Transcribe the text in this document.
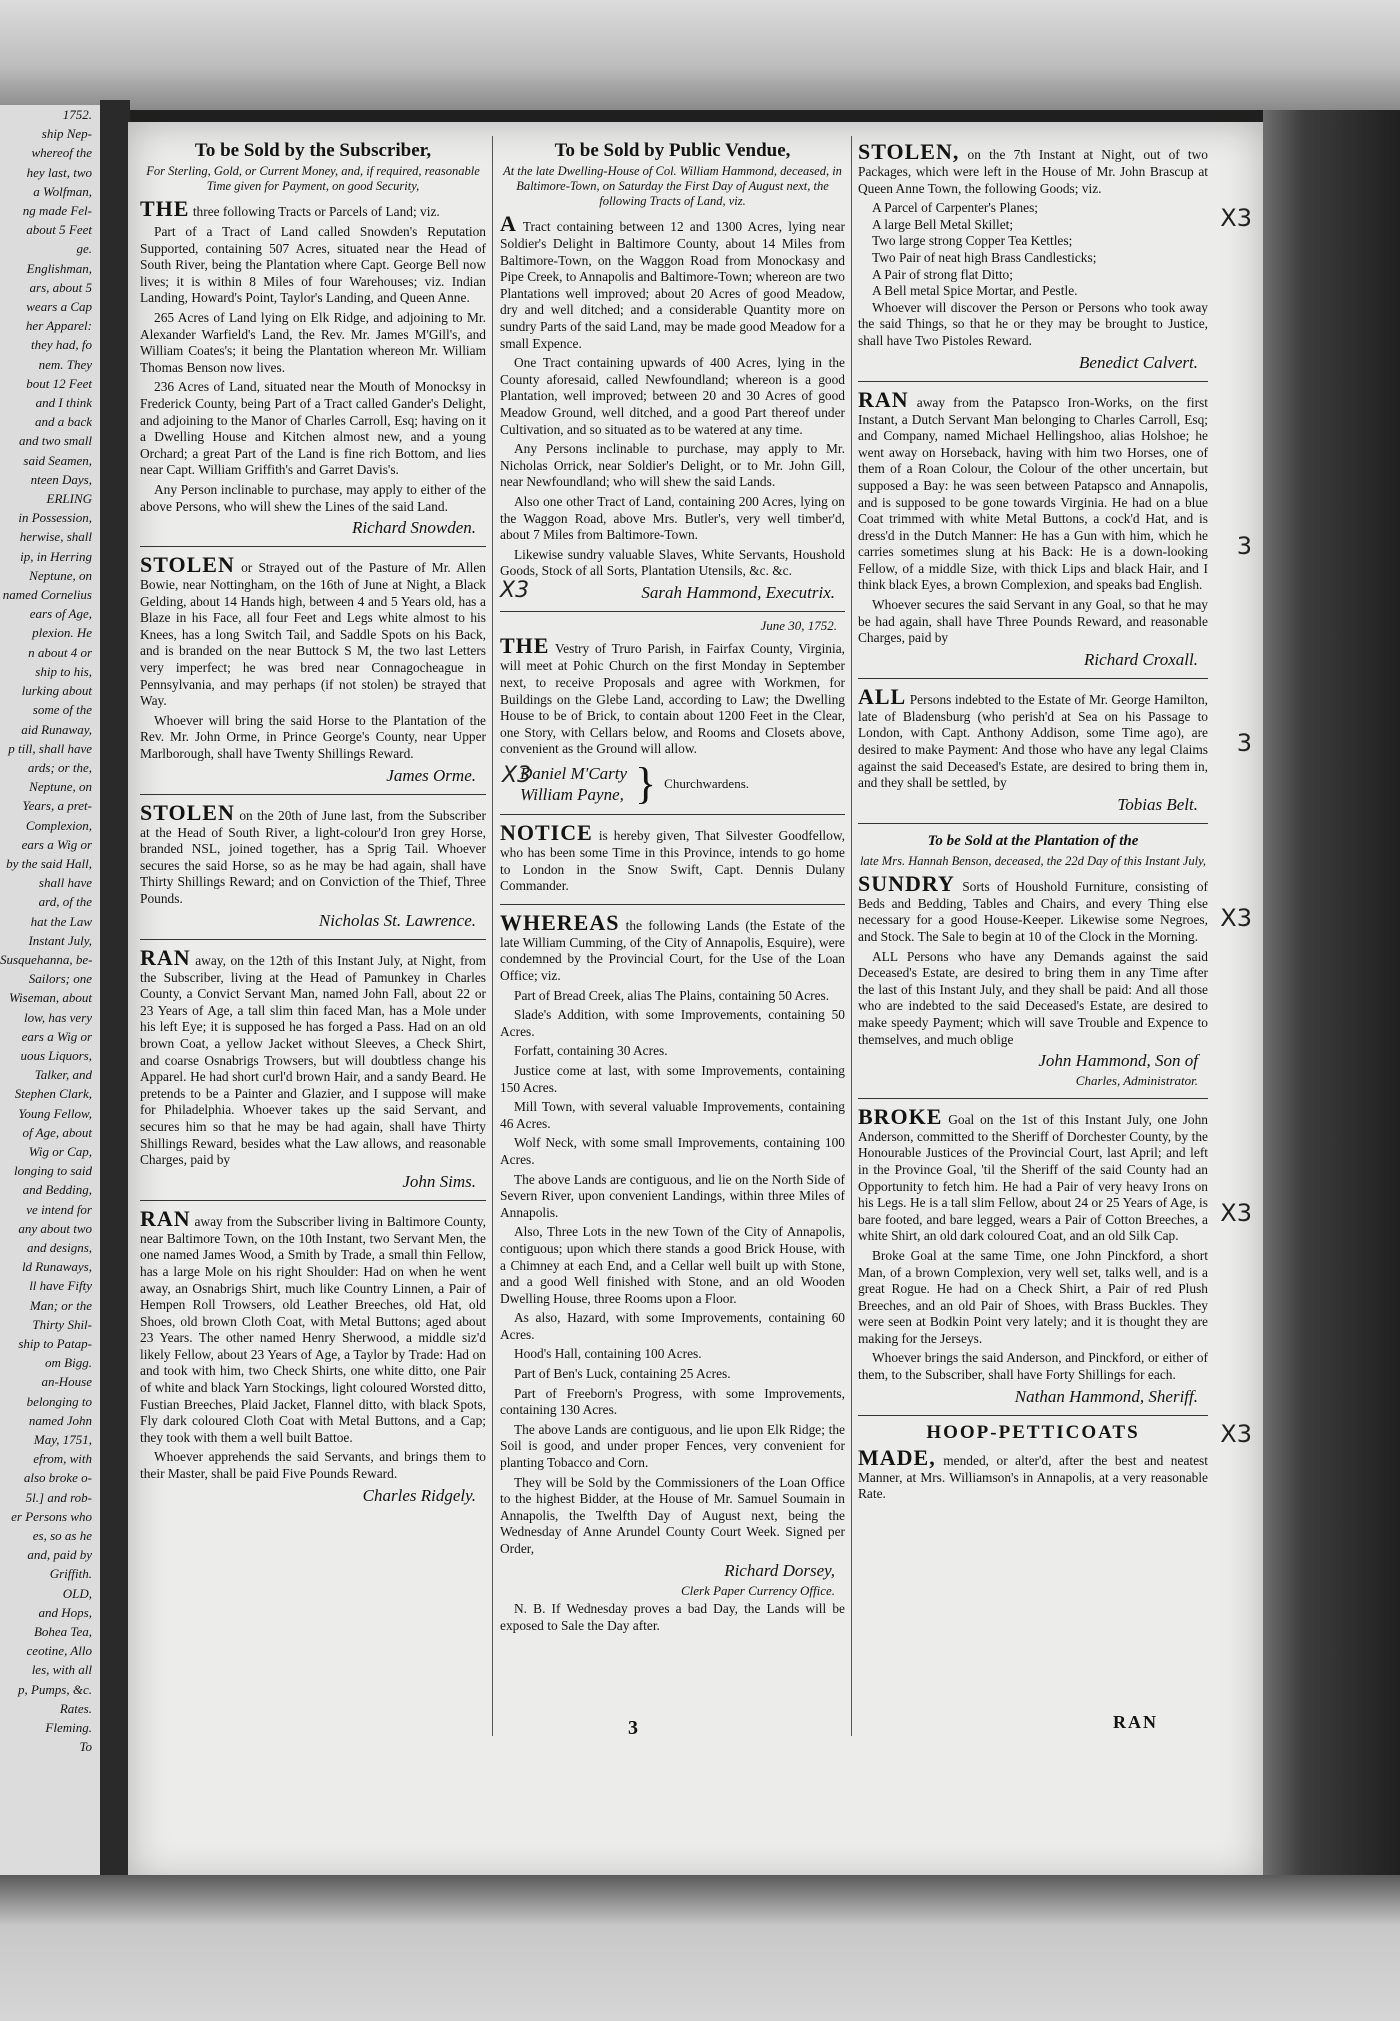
1752.
ship Nep-
whereof the
hey last, two
a Wolfman,
ng made Fel-
about 5 Feet
ge.
Englishman,
ars, about 5
wears a Cap
her Apparel:
they had, fo
nem. They
bout 12 Feet
and I think
and a back
and two small
said Seamen,
nteen Days,
ERLING
in Possession,
herwise, shall
ip, in Herring
Neptune, on
named Cornelius
ears of Age,
plexion. He
n about 4 or
ship to his,
lurking about
some of the
aid Runaway,
p till, shall have
ards; or the,
Neptune, on
Years, a pret-
Complexion,
ears a Wig or
by the said Hall,
shall have
ard, of the
hat the Law
Instant July,
Susquehanna, be-
Sailors; one
Wiseman, about
low, has very
ears a Wig or
uous Liquors,
Talker, and
Stephen Clark,
Young Fellow,
of Age, about
Wig or Cap,
longing to said
and Bedding,
ve intend for
any about two
and designs,
ld Runaways,
ll have Fifty
Man; or the
Thirty Shil-
ship to Patap-
om Bigg.
an-House
belonging to
named John
May, 1751,
efrom, with
also broke o-
5l.] and rob-
er Persons who
es, so as he
and, paid by
Griffith.
OLD,
and Hops,
Bohea Tea,
ceotine, Allo
les, with all
p, Pumps, &c.
Rates.
Fleming.
To
To be Sold by the Subscriber,
For Sterling, Gold, or Current Money, and, if required, reasonable Time given for Payment, on good Security,

THE three following Tracts or Parcels of Land; viz.

Part of a Tract of Land called Snowden's Reputation Supported, containing 507 Acres, situated near the Head of South River, being the Plantation where Capt. George Bell now lives; it is within 8 Miles of four Warehouses; viz. Indian Landing, Howard's Point, Taylor's Landing, and Queen Anne.

265 Acres of Land lying on Elk Ridge, and adjoining to Mr. Alexander Warfield's Land, the Rev. Mr. James M'Gill's, and William Coates's; it being the Plantation whereon Mr. William Thomas Benson now lives.

236 Acres of Land, situated near the Mouth of Monocksy in Frederick County, being Part of a Tract called Gander's Delight, and adjoining to the Manor of Charles Carroll, Esq; having on it a Dwelling House and Kitchen almost new, and a young Orchard; a great Part of the Land is fine rich Bottom, and lies near Capt. William Griffith's and Garret Davis's.

Any Person inclinable to purchase, may apply to either of the above Persons, who will shew the Lines of the said Land.

Richard Snowden.

STOLEN or Strayed out of the Pasture of Mr. Allen Bowie, near Nottingham, on the 16th of June at Night, a Black Gelding, about 14 Hands high, between 4 and 5 Years old, has a Blaze in his Face, all four Feet and Legs white almost to his Knees, has a long Switch Tail, and Saddle Spots on his Back, and is branded on the near Buttock S M, the two last Letters very imperfect; he was bred near Connagocheague in Pennsylvania, and may perhaps (if not stolen) be strayed that Way.

Whoever will bring the said Horse to the Plantation of the Rev. Mr. John Orme, in Prince George's County, near Upper Marlborough, shall have Twenty Shillings Reward.

James Orme.

STOLEN on the 20th of June last, from the Subscriber at the Head of South River, a light-colour'd Iron grey Horse, branded NSL, joined together, has a Sprig Tail. Whoever secures the said Horse, so as he may be had again, shall have Thirty Shillings Reward; and on Conviction of the Thief, Three Pounds.

Nicholas St. Lawrence.

RAN away, on the 12th of this Instant July, at Night, from the Subscriber, living at the Head of Pamunkey in Charles County, a Convict Servant Man, named John Fall, about 22 or 23 Years of Age, a tall slim thin faced Man, has a Mole under his left Eye; it is supposed he has forged a Pass. Had on an old brown Coat, a yellow Jacket without Sleeves, a Check Shirt, and coarse Osnabrigs Trowsers, but will doubtless change his Apparel. He had short curl'd brown Hair, and a sandy Beard. He pretends to be a Painter and Glazier, and I suppose will make for Philadelphia. Whoever takes up the said Servant, and secures him so that he may be had again, shall have Thirty Shillings Reward, besides what the Law allows, and reasonable Charges, paid by

John Sims.

RAN away from the Subscriber living in Baltimore County, near Baltimore Town, on the 10th Instant, two Servant Men, the one named James Wood, a Smith by Trade, a small thin Fellow, has a large Mole on his right Shoulder: Had on when he went away, an Osnabrigs Shirt, much like Country Linnen, a Pair of Hempen Roll Trowsers, old Leather Breeches, old Hat, old Shoes, old brown Cloth Coat, with Metal Buttons; aged about 23 Years. The other named Henry Sherwood, a middle siz'd likely Fellow, about 23 Years of Age, a Taylor by Trade: Had on and took with him, two Check Shirts, one white ditto, one Pair of white and black Yarn Stockings, light coloured Worsted ditto, Fustian Breeches, Plaid Jacket, Flannel ditto, with black Spots, Fly dark coloured Cloth Coat with Metal Buttons, and a Cap; they took with them a well built Battoe.

Whoever apprehends the said Servants, and brings them to their Master, shall be paid Five Pounds Reward.

Charles Ridgely.
To be Sold by Public Vendue,
At the late Dwelling-House of Col. William Hammond, deceased, in Baltimore-Town, on Saturday the First Day of August next, the following Tracts of Land, viz.

A Tract containing between 12 and 1300 Acres, lying near Soldier's Delight in Baltimore County, about 14 Miles from Baltimore-Town, on the Waggon Road from Monockasy and Pipe Creek, to Annapolis and Baltimore-Town; whereon are two Plantations well improved; about 20 Acres of good Meadow, dry and well ditched; and a considerable Quantity more on sundry Parts of the said Land, may be made good Meadow for a small Expence.

One Tract containing upwards of 400 Acres, lying in the County aforesaid, called Newfoundland; whereon is a good Plantation, well improved; between 20 and 30 Acres of good Meadow Ground, well ditched, and a good Part thereof under Cultivation, and so situated as to be watered at any time.

Any Persons inclinable to purchase, may apply to Mr. Nicholas Orrick, near Soldier's Delight, or to Mr. John Gill, near Newfoundland; who will shew the said Lands.

Also one other Tract of Land, containing 200 Acres, lying on the Waggon Road, above Mrs. Butler's, very well timber'd, about 7 Miles from Baltimore-Town.

Likewise sundry valuable Slaves, White Servants, Houshold Goods, Stock of all Sorts, Plantation Utensils, &c. &c.

X3	Sarah Hammond, Executrix.
June 30, 1752.

THE Vestry of Truro Parish, in Fairfax County, Virginia, will meet at Pohic Church on the first Monday in September next, to receive Proposals and agree with Workmen, for Buildings on the Glebe Land, according to Law; the Dwelling House to be of Brick, to contain about 1200 Feet in the Clear, one Story, with Cellars below, and Rooms and Closets above, convenient as the Ground will allow.

X3
Daniel M'Carty
William Payne, } Churchwardens.

NOTICE is hereby given, That Silvester Goodfellow, who has been some Time in this Province, intends to go home to London in the Snow Swift, Capt. Dennis Dulany Commander.

WHEREAS the following Lands (the Estate of the late William Cumming, of the City of Annapolis, Esquire), were condemned by the Provincial Court, for the Use of the Loan Office; viz.

Part of Bread Creek, alias The Plains, containing 50 Acres.

Slade's Addition, with some Improvements, containing 50 Acres.

Forfatt, containing 30 Acres.

Justice come at last, with some Improvements, containing 150 Acres.

Mill Town, with several valuable Improvements, containing 46 Acres.

Wolf Neck, with some small Improvements, containing 100 Acres.

The above Lands are contiguous, and lie on the North Side of Severn River, upon convenient Landings, within three Miles of Annapolis.

Also, Three Lots in the new Town of the City of Annapolis, contiguous; upon which there stands a good Brick House, with a Chimney at each End, and a Cellar well built up with Stone, and a good Well finished with Stone, and an old Wooden Dwelling House, three Rooms upon a Floor.

As also, Hazard, with some Improvements, containing 60 Acres.

Hood's Hall, containing 100 Acres.

Part of Ben's Luck, containing 25 Acres.

Part of Freeborn's Progress, with some Improvements, containing 130 Acres.

The above Lands are contiguous, and lie upon Elk Ridge; the Soil is good, and under proper Fences, very convenient for planting Tobacco and Corn.

They will be Sold by the Commissioners of the Loan Office to the highest Bidder, at the House of Mr. Samuel Soumain in Annapolis, the Twelfth Day of August next, being the Wednesday of Anne Arundel County Court Week. Signed per Order,

Richard Dorsey,
Clerk Paper Currency Office.

N. B. If Wednesday proves a bad Day, the Lands will be exposed to Sale the Day after.

X3

STOLEN, on the 7th Instant at Night, out of two Packages, which were left in the House of Mr. John Brascup at Queen Anne Town, the following Goods; viz.

A Parcel of Carpenter's Planes;
A large Bell Metal Skillet;
Two large strong Copper Tea Kettles;
Two Pair of neat high Brass Candlesticks;
A Pair of strong flat Ditto;
A Bell metal Spice Mortar, and Pestle.

Whoever will discover the Person or Persons who took away the said Things, so that he or they may be brought to Justice, shall have Two Pistoles Reward.

Benedict Calvert.
3

RAN away from the Patapsco Iron-Works, on the first Instant, a Dutch Servant Man belonging to Charles Carroll, Esq; and Company, named Michael Hellingshoo, alias Holshoe; he went away on Horseback, having with him two Horses, one of them of a Roan Colour, the Colour of the other uncertain, but supposed a Bay: he was seen between Patapsco and Annapolis, and is supposed to be gone towards Virginia. He had on a blue Coat trimmed with white Metal Buttons, a cock'd Hat, and is dress'd in the Dutch Manner: He has a Gun with him, which he carries sometimes slung at his Back: He is a down-looking Fellow, of a middle Size, with thick Lips and black Hair, and I think black Eyes, a brown Complexion, and speaks bad English.

Whoever secures the said Servant in any Goal, so that he may be had again, shall have Three Pounds Reward, and reasonable Charges, paid by

Richard Croxall.
3

ALL Persons indebted to the Estate of Mr. George Hamilton, late of Bladensburg (who perish'd at Sea on his Passage to London, with Capt. Anthony Addison, some Time ago), are desired to make Payment: And those who have any legal Claims against the said Deceased's Estate, are desired to bring them in, and they shall be settled, by

Tobias Belt.
X3
To be Sold at the Plantation of the
late Mrs. Hannah Benson, deceased, the 22d Day of this Instant July,

SUNDRY Sorts of Houshold Furniture, consisting of Beds and Bedding, Tables and Chairs, and every Thing else necessary for a good House-Keeper. Likewise some Negroes, and Stock. The Sale to begin at 10 of the Clock in the Morning.

ALL Persons who have any Demands against the said Deceased's Estate, are desired to bring them in any Time after the last of this Instant July, and they shall be paid: And all those who are indebted to the said Deceased's Estate, are desired to make speedy Payment; which will save Trouble and Expence to themselves, and much oblige

John Hammond, Son of
Charles, Administrator.
X3

BROKE Goal on the 1st of this Instant July, one John Anderson, committed to the Sheriff of Dorchester County, by the Honourable Justices of the Provincial Court, last April; and left in the Province Goal, 'til the Sheriff of the said County had an Opportunity to fetch him. He had a Pair of very heavy Irons on his Legs. He is a tall slim Fellow, about 24 or 25 Years of Age, is bare footed, and bare legged, wears a Pair of Cotton Breeches, a white Shirt, an old dark coloured Coat, and an old Silk Cap.

Broke Goal at the same Time, one John Pinckford, a short Man, of a brown Complexion, very well set, talks well, and is a great Rogue. He had on a Check Shirt, a Pair of red Plush Breeches, and an old Pair of Shoes, with Brass Buckles. They were seen at Bodkin Point very lately; and it is thought they are making for the Jerseys.

Whoever brings the said Anderson, and Pinckford, or either of them, to the Subscriber, shall have Forty Shillings for each.

Nathan Hammond, Sheriff.
X3
HOOP-PETTICOATS

MADE, mended, or alter'd, after the best and neatest Manner, at Mrs. Williamson's in Annapolis, at a very reasonable Rate.

3	RAN
